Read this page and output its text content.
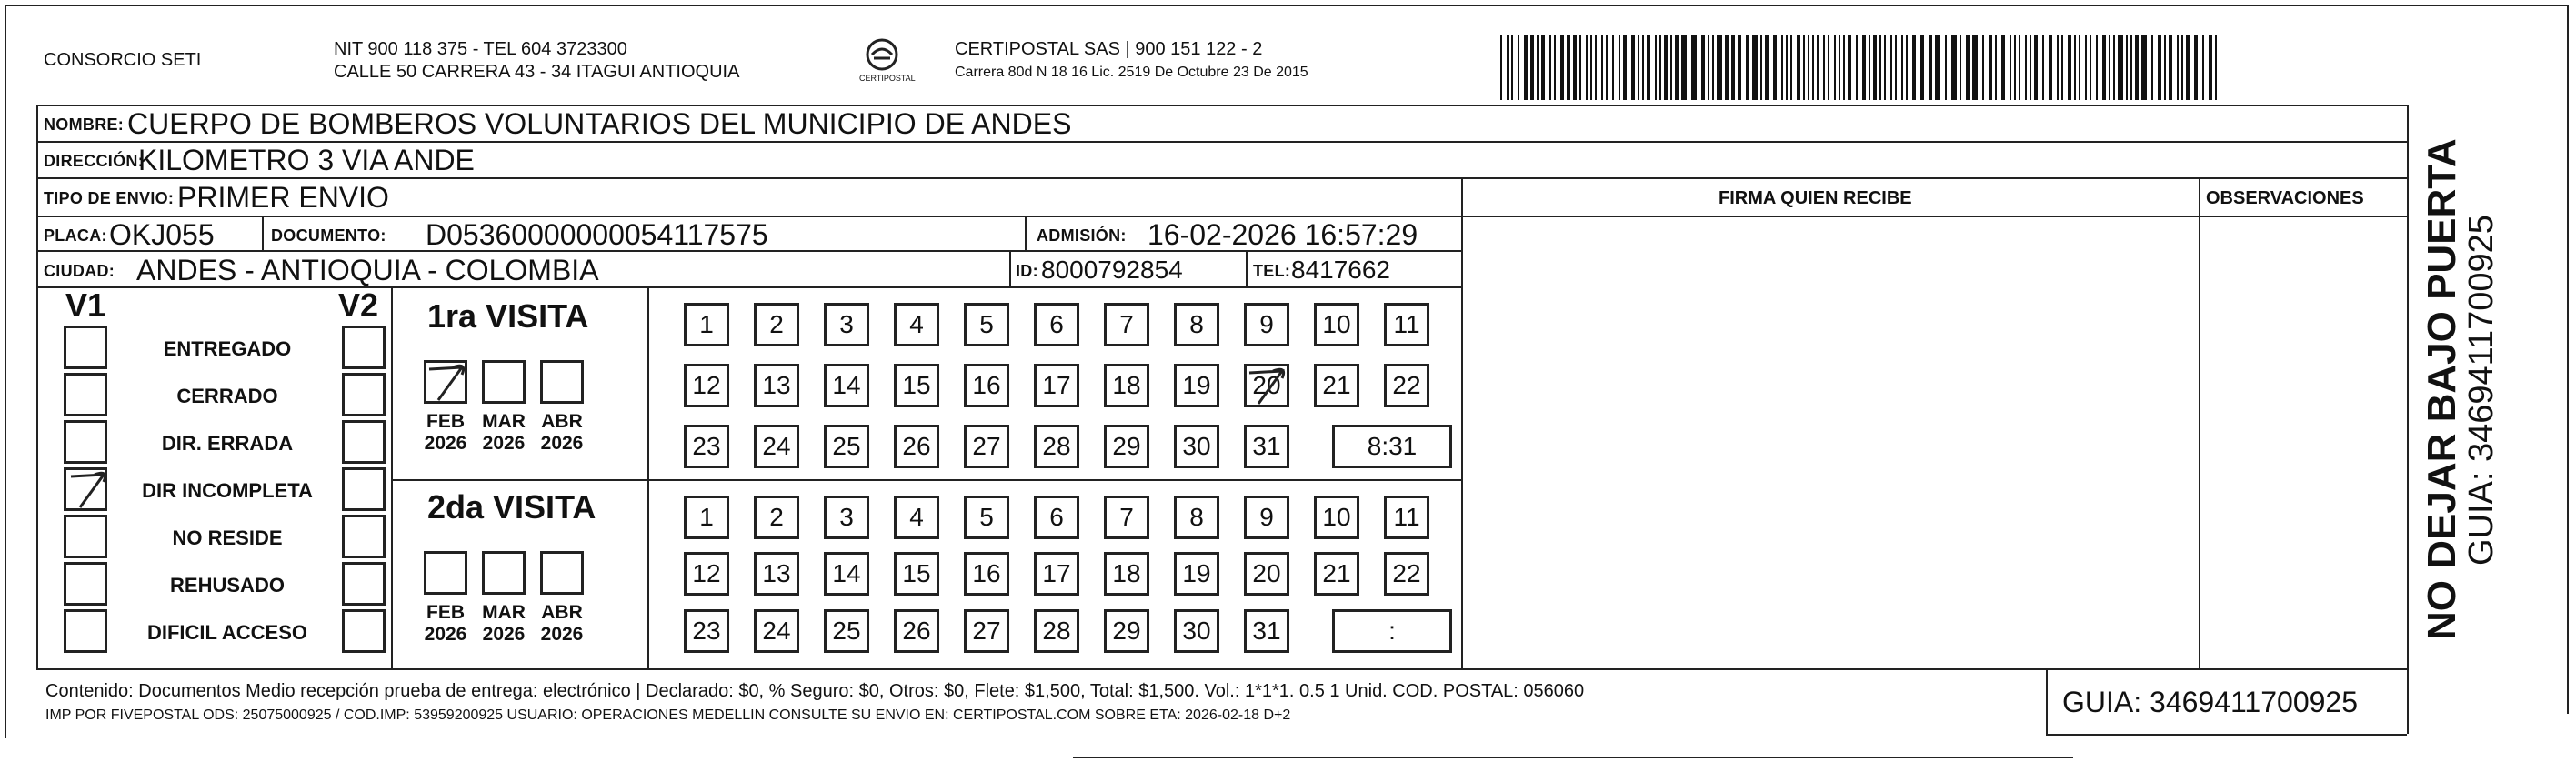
CONSORCIO SETI
NIT 900 118 375 - TEL 604 3723300
CALLE 50 CARRERA 43 - 34 ITAGUI ANTIOQUIA	CERTIPOSTAL
CERTIPOSTAL SAS | 900 151 122 - 2
Carrera 80d N 18 16 Lic. 2519 De Octubre 23 De 2015
NOMBRE: CUERPO DE BOMBEROS VOLUNTARIOS DEL MUNICIPIO DE ANDES
DIRECCIÓN:
KILOMETRO 3 VIA ANDE
TIPO DE ENVIO: PRIMER ENVIO	FIRMA QUIEN RECIBE	OBSERVACIONES
PLACA: OKJ055	DOCUMENTO: D05360000000054117575	ADMISIÓN: 16-02-2026 16:57:29
CIUDAD: ANDES - ANTIOQUIA - COLOMBIA	ID: 8000792854	TEL: 8417662
V1	V2
ENTREGADO
CERRADO
DIR. ERRADA
DIR INCOMPLETA
NO RESIDE
REHUSADO
DIFICIL ACCESO
1ra VISITA
FEB
2026
MAR
2026
ABR
2026
1	2	3	4	5	6	7	8	9	10	11
12	13	14	15	16	17	18	19	20	21	22
23	24	25	26	27	28	29	30	31	8:31
2da VISITA
FEB
2026
MAR
2026
ABR
2026
1	2	3	4	5	6	7	8	9	10	11
12	13	14	15	16	17	18	19	20	21	22
23	24	25	26	27	28	29	30	31	:
Contenido: Documentos Medio recepción prueba de entrega: electrónico | Declarado: $0, % Seguro: $0, Otros: $0, Flete: $1,500, Total: $1,500. Vol.: 1*1*1. 0.5 1 Unid. COD. POSTAL: 056060
IMP POR FIVEPOSTAL ODS: 25075000925 / COD.IMP: 53959200925 USUARIO: OPERACIONES MEDELLIN CONSULTE SU ENVIO EN: CERTIPOSTAL.COM SOBRE ETA: 2026-02-18 D+2	GUIA: 3469411700925
NO DEJAR BAJO PUERTA
GUIA: 3469411700925
